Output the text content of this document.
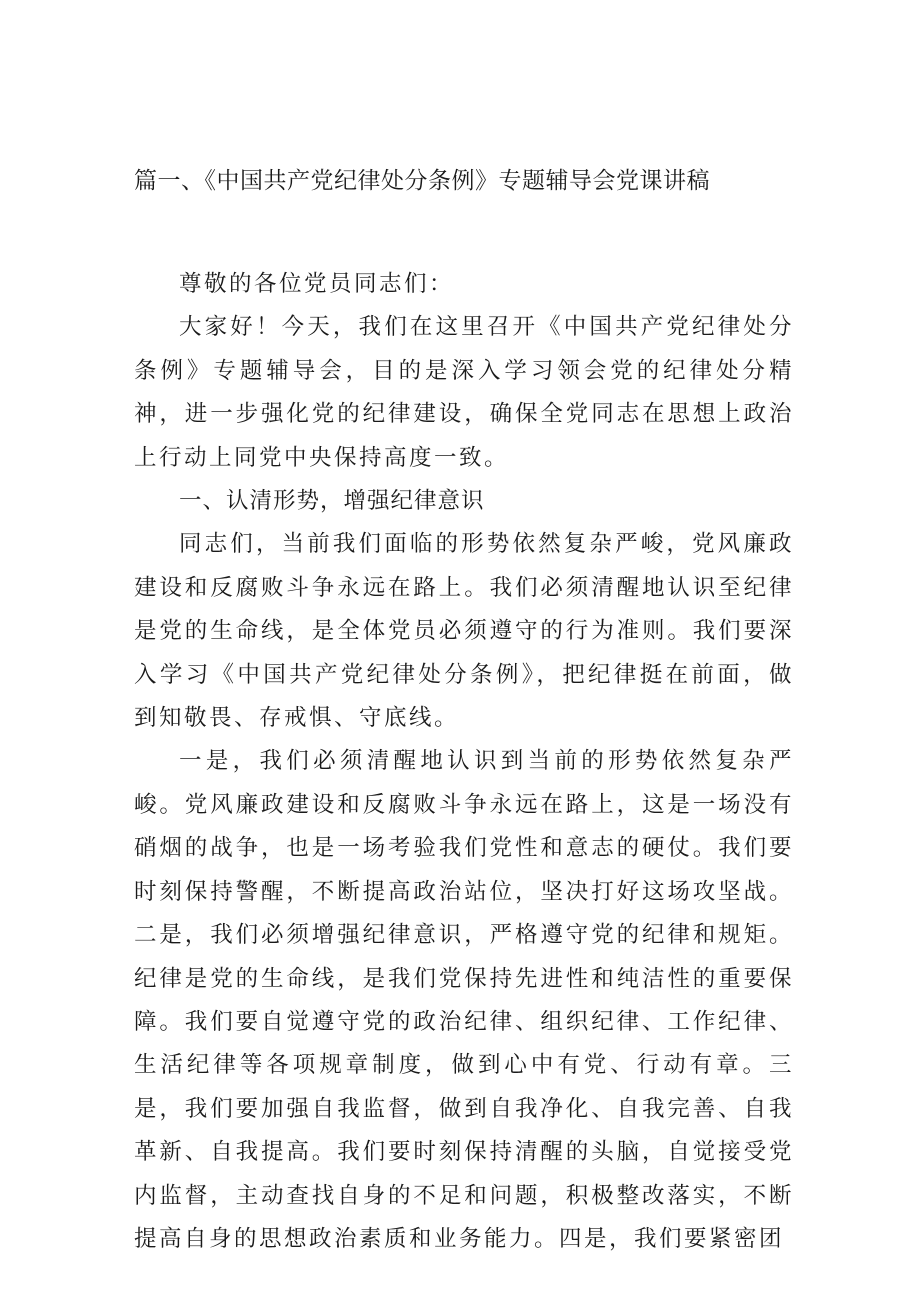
篇一、《中国共产党纪律处分条例》专题辅导会党课讲稿

尊敬的各位党员同志们：

大家好！今天，我们在这里召开《中国共产党纪律处分条例》专题辅导会，目的是深入学习领会党的纪律处分精神，进一步强化党的纪律建设，确保全党同志在思想上政治上行动上同党中央保持高度一致。

一、认清形势，增强纪律意识

同志们，当前我们面临的形势依然复杂严峻，党风廉政建设和反腐败斗争永远在路上。我们必须清醒地认识至纪律是党的生命线，是全体党员必须遵守的行为准则。我们要深入学习《中国共产党纪律处分条例》，把纪律挺在前面，做到知敬畏、存戒惧、守底线。

一是，我们必须清醒地认识到当前的形势依然复杂严峻。党风廉政建设和反腐败斗争永远在路上，这是一场没有硝烟的战争，也是一场考验我们党性和意志的硬仗。我们要时刻保持警醒，不断提高政治站位，坚决打好这场攻坚战。二是，我们必须增强纪律意识，严格遵守党的纪律和规矩。纪律是党的生命线，是我们党保持先进性和纯洁性的重要保障。我们要自觉遵守党的政治纪律、组织纪律、工作纪律、生活纪律等各项规章制度，做到心中有党、行动有章。三是，我们要加强自我监督，做到自我净化、自我完善、自我革新、自我提高。我们要时刻保持清醒的头脑，自觉接受党内监督，主动查找自身的不足和问题，积极整改落实，不断提高自身的思想政治素质和业务能力。四是，我们要紧密团
